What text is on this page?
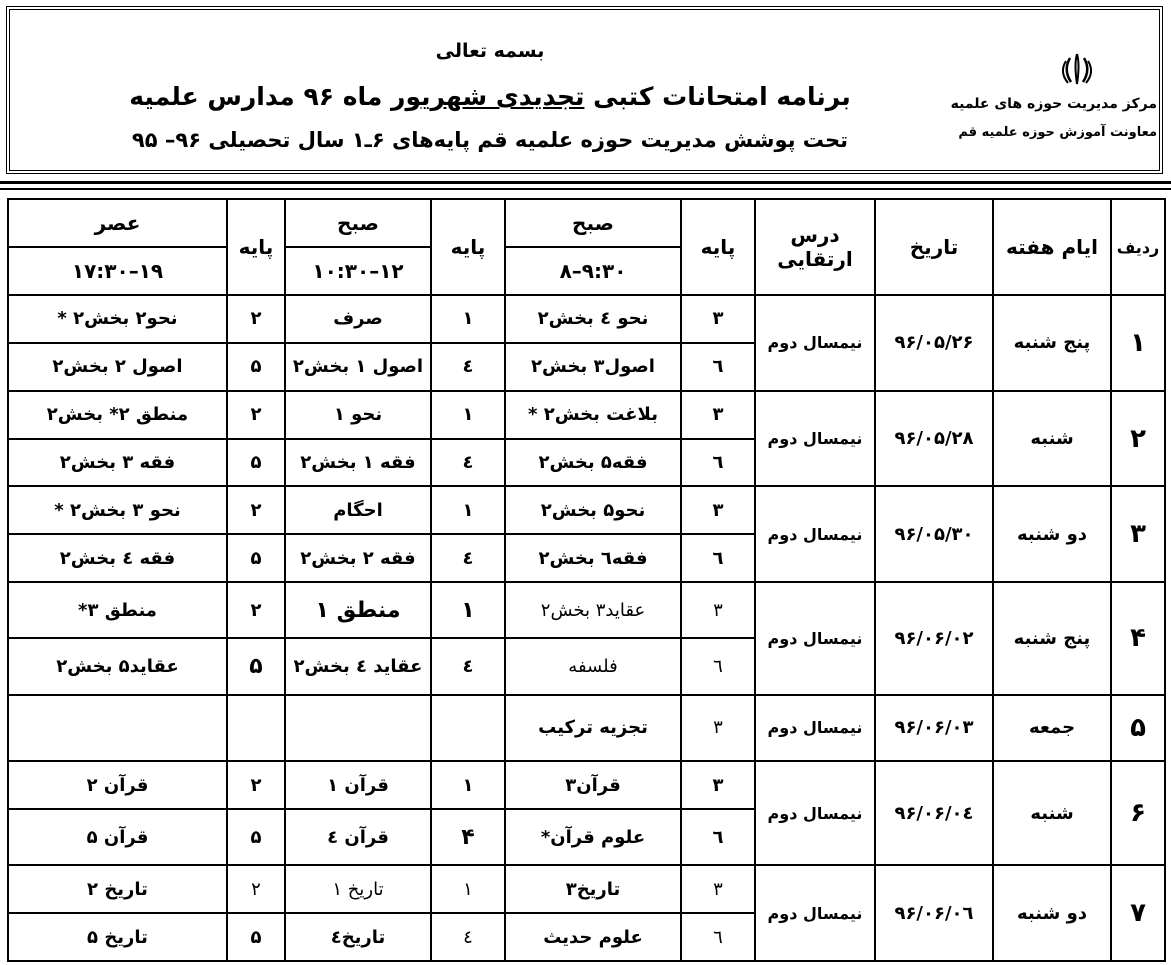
بسمه تعالی
برنامه امتحانات کتبی تجدیدی شهریور ماه ۹۶ مدارس علمیه
تحت پوشش مدیریت حوزه علمیه قم پایه‌های ۶ـ۱ سال تحصیلی ۹۶– ۹۵
مرکز مدیریت حوزه های علمیه
معاونت آموزش حوزه علمیه قم
ردیف	ایام هفته	تاریخ	درس ارتقایی	پایه	صبح	پایه	صبح	پایه	عصر
					۹:۳۰–۸		۱۲–۱۰:۳۰		۱۹–۱۷:۳۰
۱	پنج شنبه	۹۶/۰۵/۲۶	نیمسال دوم	۳	نحو ٤ بخش۲	۱	صرف	۲	نحو۲ بخش۲ *
				٦	اصول۳ بخش۲	٤	اصول ۱ بخش۲	۵	اصول ۲ بخش۲
۲	شنبه	۹۶/۰۵/۲۸	نیمسال دوم	۳	بلاغت بخش۲ *	۱	نحو ۱	۲	منطق ۲* بخش۲
				٦	فقه۵ بخش۲	٤	فقه ۱ بخش۲	۵	فقه ۳ بخش۲
۳	دو شنبه	۹۶/۰۵/۳۰	نیمسال دوم	۳	نحو۵ بخش۲	۱	احگام	۲	نحو ۳ بخش۲ *
				٦	فقه٦ بخش۲	٤	فقه ۲ بخش۲	۵	فقه ٤ بخش۲
۴	پنج شنبه	۹۶/۰۶/۰۲	نیمسال دوم	۳	عقاید۳ بخش۲	۱	منطق ۱	۲	منطق ۳*
				٦	فلسفه	٤	عقاید ٤ بخش۲	۵	عقاید۵ بخش۲
۵	جمعه	۹۶/۰۶/۰۳	نیمسال دوم	۳	تجزیه ترکیب				
۶	شنبه	۹۶/۰۶/۰٤	نیمسال دوم	۳	قرآن۳	۱	قرآن ۱	۲	قرآن ۲
				٦	علوم قرآن*	۴	قرآن ٤	۵	قرآن ۵
۷	دو شنبه	۹۶/۰۶/۰٦	نیمسال دوم	۳	تاریخ۳	۱	تاریخ ۱	۲	تاریخ ۲
				٦	علوم حدیث	٤	تاریخ٤	۵	تاریخ ۵
